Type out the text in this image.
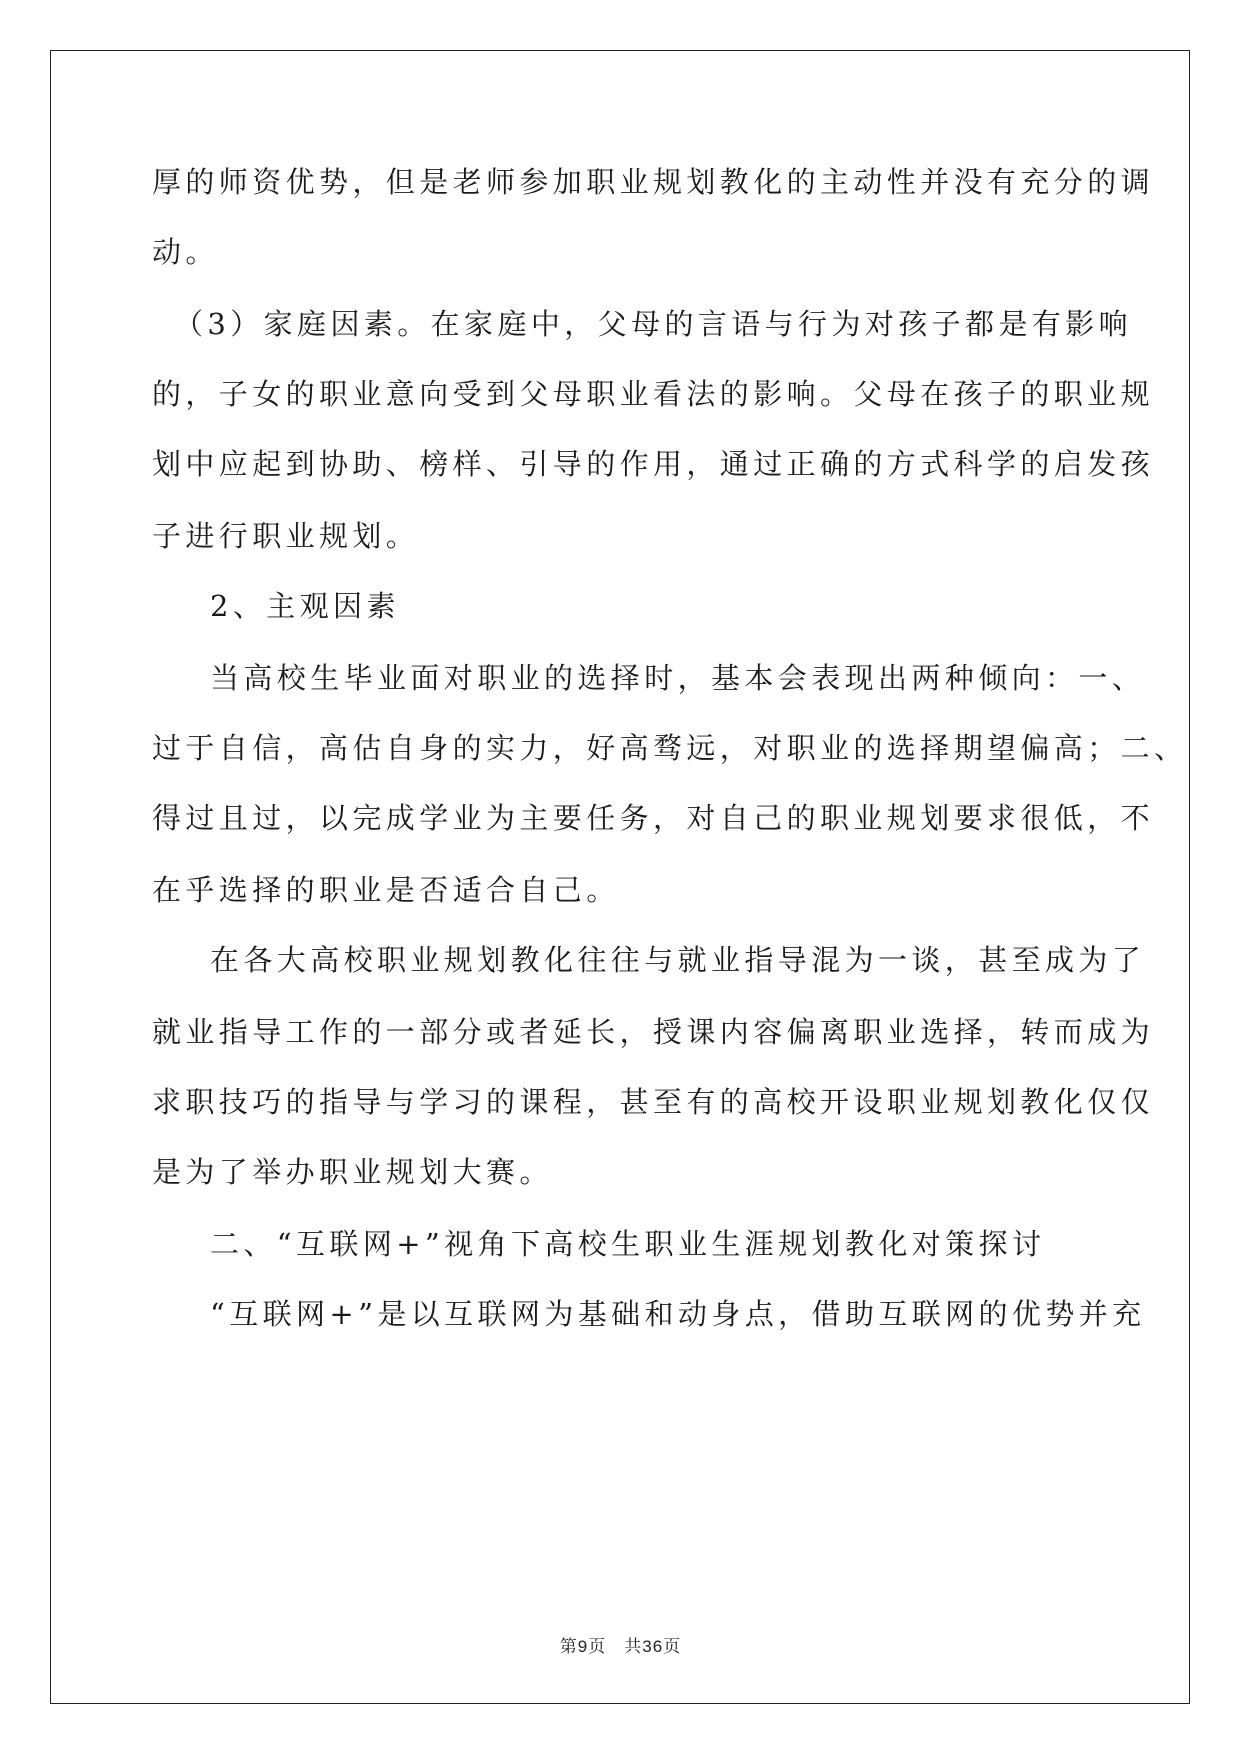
厚的师资优势，但是老师参加职业规划教化的主动性并没有充分的调
动。
（3）家庭因素。在家庭中，父母的言语与行为对孩子都是有影响
的，子女的职业意向受到父母职业看法的影响。父母在孩子的职业规
划中应起到协助、榜样、引导的作用，通过正确的方式科学的启发孩
子进行职业规划。
2、主观因素
当高校生毕业面对职业的选择时，基本会表现出两种倾向：一、
过于自信，高估自身的实力，好高骛远，对职业的选择期望偏高；二、
得过且过，以完成学业为主要任务，对自己的职业规划要求很低，不
在乎选择的职业是否适合自己。
在各大高校职业规划教化往往与就业指导混为一谈，甚至成为了
就业指导工作的一部分或者延长，授课内容偏离职业选择，转而成为
求职技巧的指导与学习的课程，甚至有的高校开设职业规划教化仅仅
是为了举办职业规划大赛。
二、“互联网+”视角下高校生职业生涯规划教化对策探讨
“互联网+”是以互联网为基础和动身点，借助互联网的优势并充
第9页 共36页
